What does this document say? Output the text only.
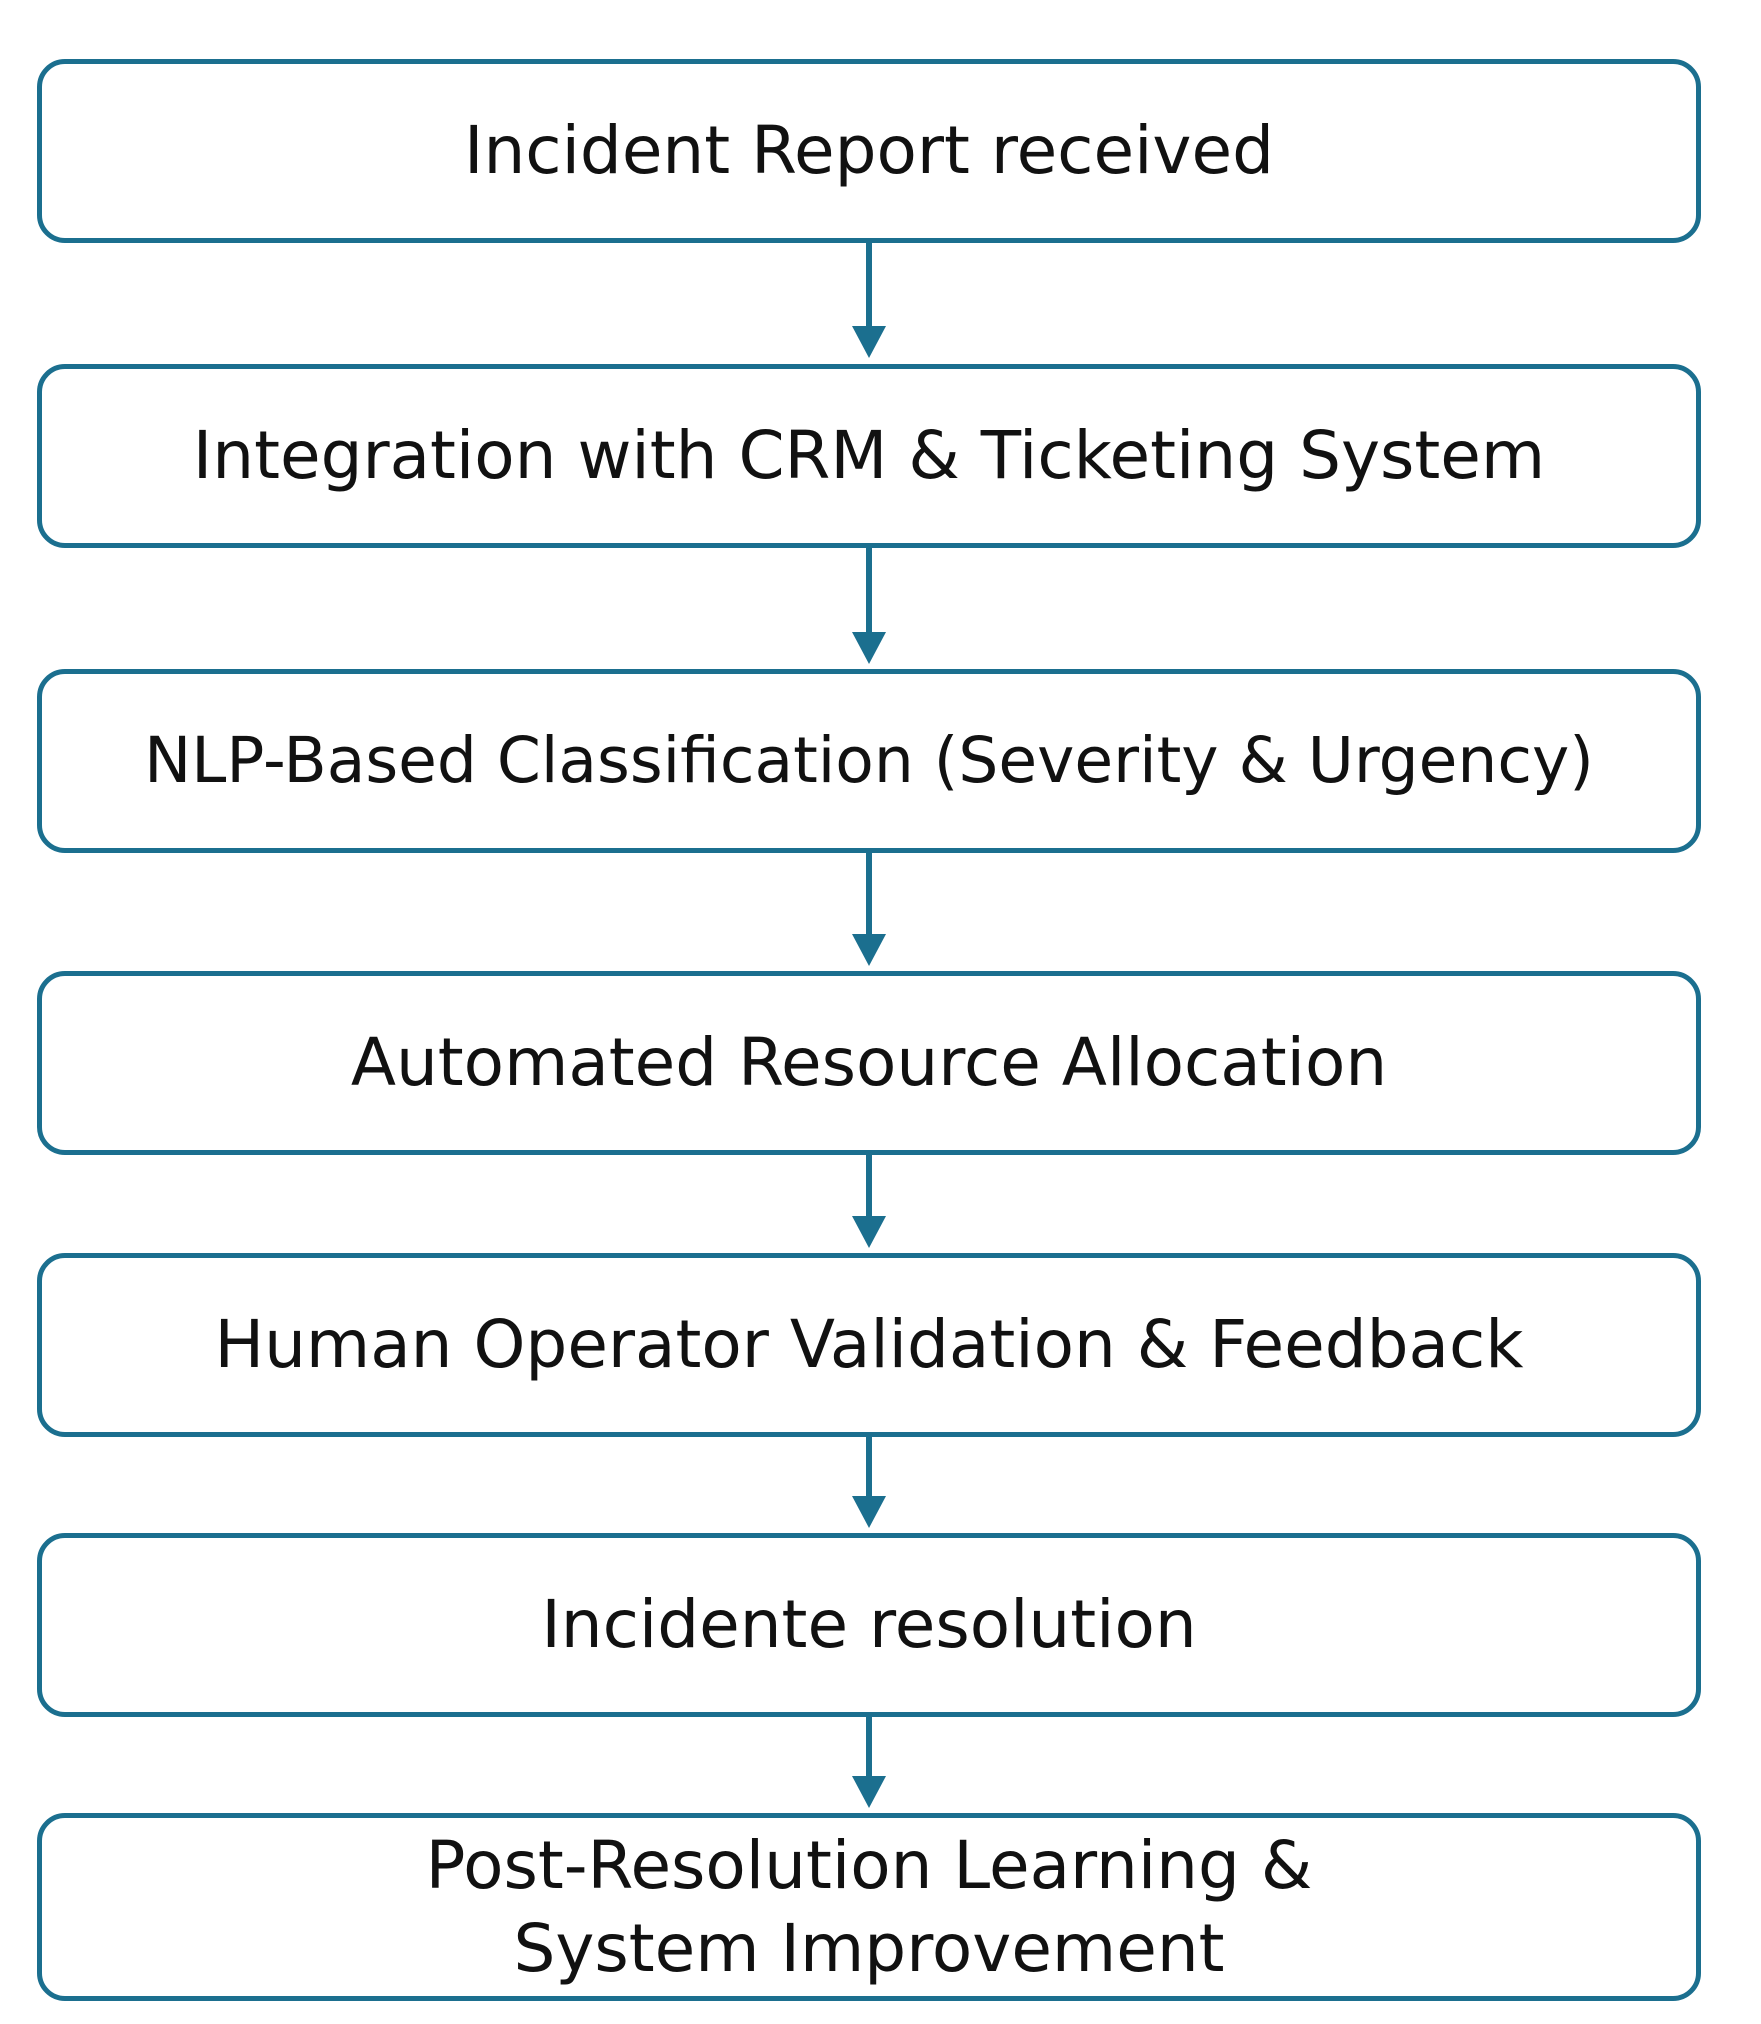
Incident Report received
Integration with CRM & Ticketing System
NLP-Based Classification (Severity & Urgency)
Automated Resource Allocation
Human Operator Validation & Feedback
Incidente resolution
Post-Resolution Learning & System Improvement
